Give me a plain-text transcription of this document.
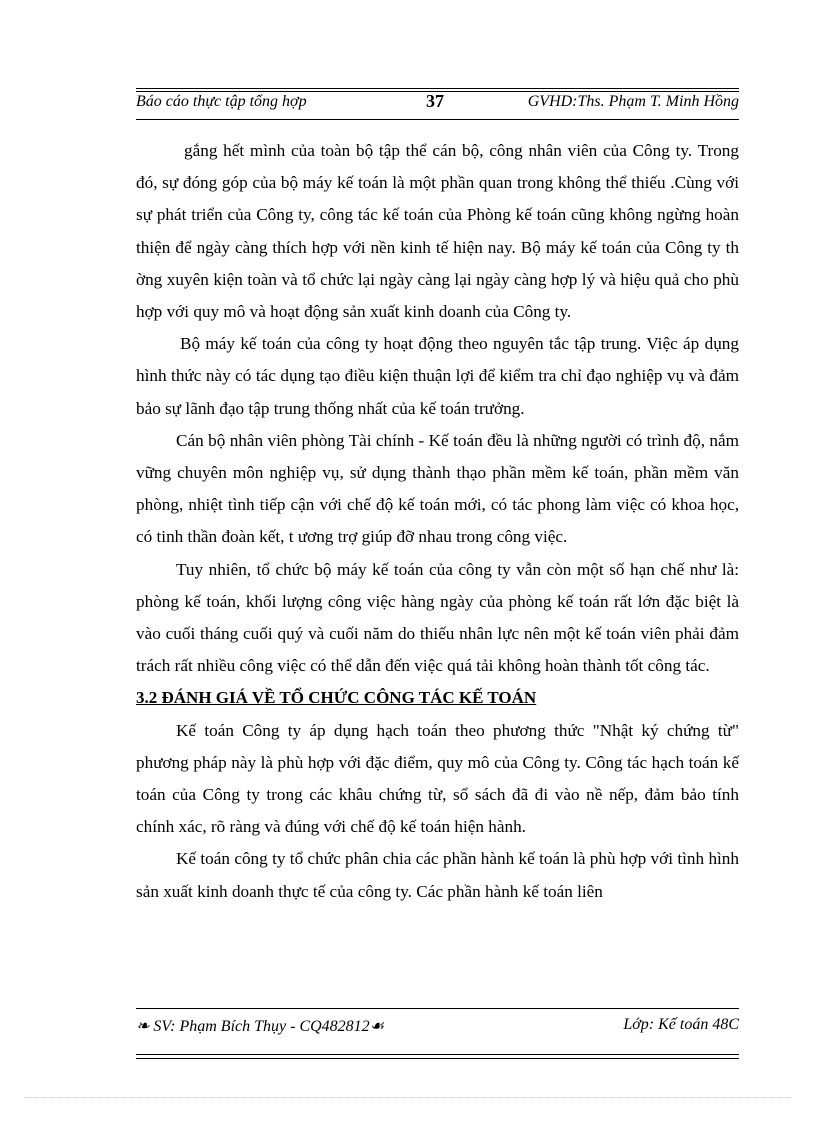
Báo cáo thực tập tổng hợp	37	GVHD:Ths. Phạm T. Minh Hồng

gắng hết mình của toàn bộ tập thể cán bộ, công nhân viên của Công ty. Trong đó, sự đóng góp của bộ máy kế toán là một phần quan trong không thể thiếu .Cùng với sự phát triển của Công ty, công tác kế toán của Phòng kế toán cũng không ngừng hoàn thiện để ngày càng thích hợp với nền kinh tế hiện nay. Bộ máy kế toán của Công ty th ờng xuyên kiện toàn và tổ chức lại ngày càng lại ngày càng hợp lý và hiệu quả cho phù hợp với quy mô và hoạt động sản xuất kinh doanh của Công ty.

Bộ máy kế toán của công ty hoạt động theo nguyên tắc tập trung. Việc áp dụng hình thức này có tác dụng tạo điều kiện thuận lợi để kiểm tra chỉ đạo nghiệp vụ và đảm bảo sự lãnh đạo tập trung thống nhất của kế toán trưởng.

Cán bộ nhân viên phòng Tài chính - Kế toán đều là những người có trình độ, nắm vững chuyên môn nghiệp vụ, sử dụng thành thạo phần mềm kế toán, phần mềm văn phòng, nhiệt tình tiếp cận với chế độ kế toán mới, có tác phong làm việc có khoa học, có tinh thần đoàn kết, t ương trợ giúp đỡ nhau trong công việc.

Tuy nhiên, tổ chức bộ máy kế toán của công ty vẫn còn một số hạn chế như là: phòng kế toán, khối lượng công việc hàng ngày của phòng kế toán rất lớn đặc biệt là vào cuối tháng cuối quý và cuối năm do thiếu nhân lực nên một kế toán viên phải đảm trách rất nhiều công việc có thể dẫn đến việc quá tải không hoàn thành tốt công tác.

3.2 ĐÁNH GIÁ VỀ TỔ CHỨC CÔNG TÁC KẾ TOÁN

Kế toán Công ty áp dụng hạch toán theo phương thức "Nhật ký chứng từ" phương pháp này là phù hợp với đặc điểm, quy mô của Công ty. Công tác hạch toán kế toán của Công ty trong các khâu chứng từ, sổ sách đã đi vào nề nếp, đảm bảo tính chính xác, rõ ràng và đúng với chế độ kế toán hiện hành.

Kế toán công ty tổ chức phân chia các phần hành kế toán là phù hợp với tình hình sản xuất kinh doanh thực tế của công ty. Các phần hành kế toán liên

❧ SV: Phạm Bích Thụy - CQ482812☙	Lớp: Kế toán 48C
